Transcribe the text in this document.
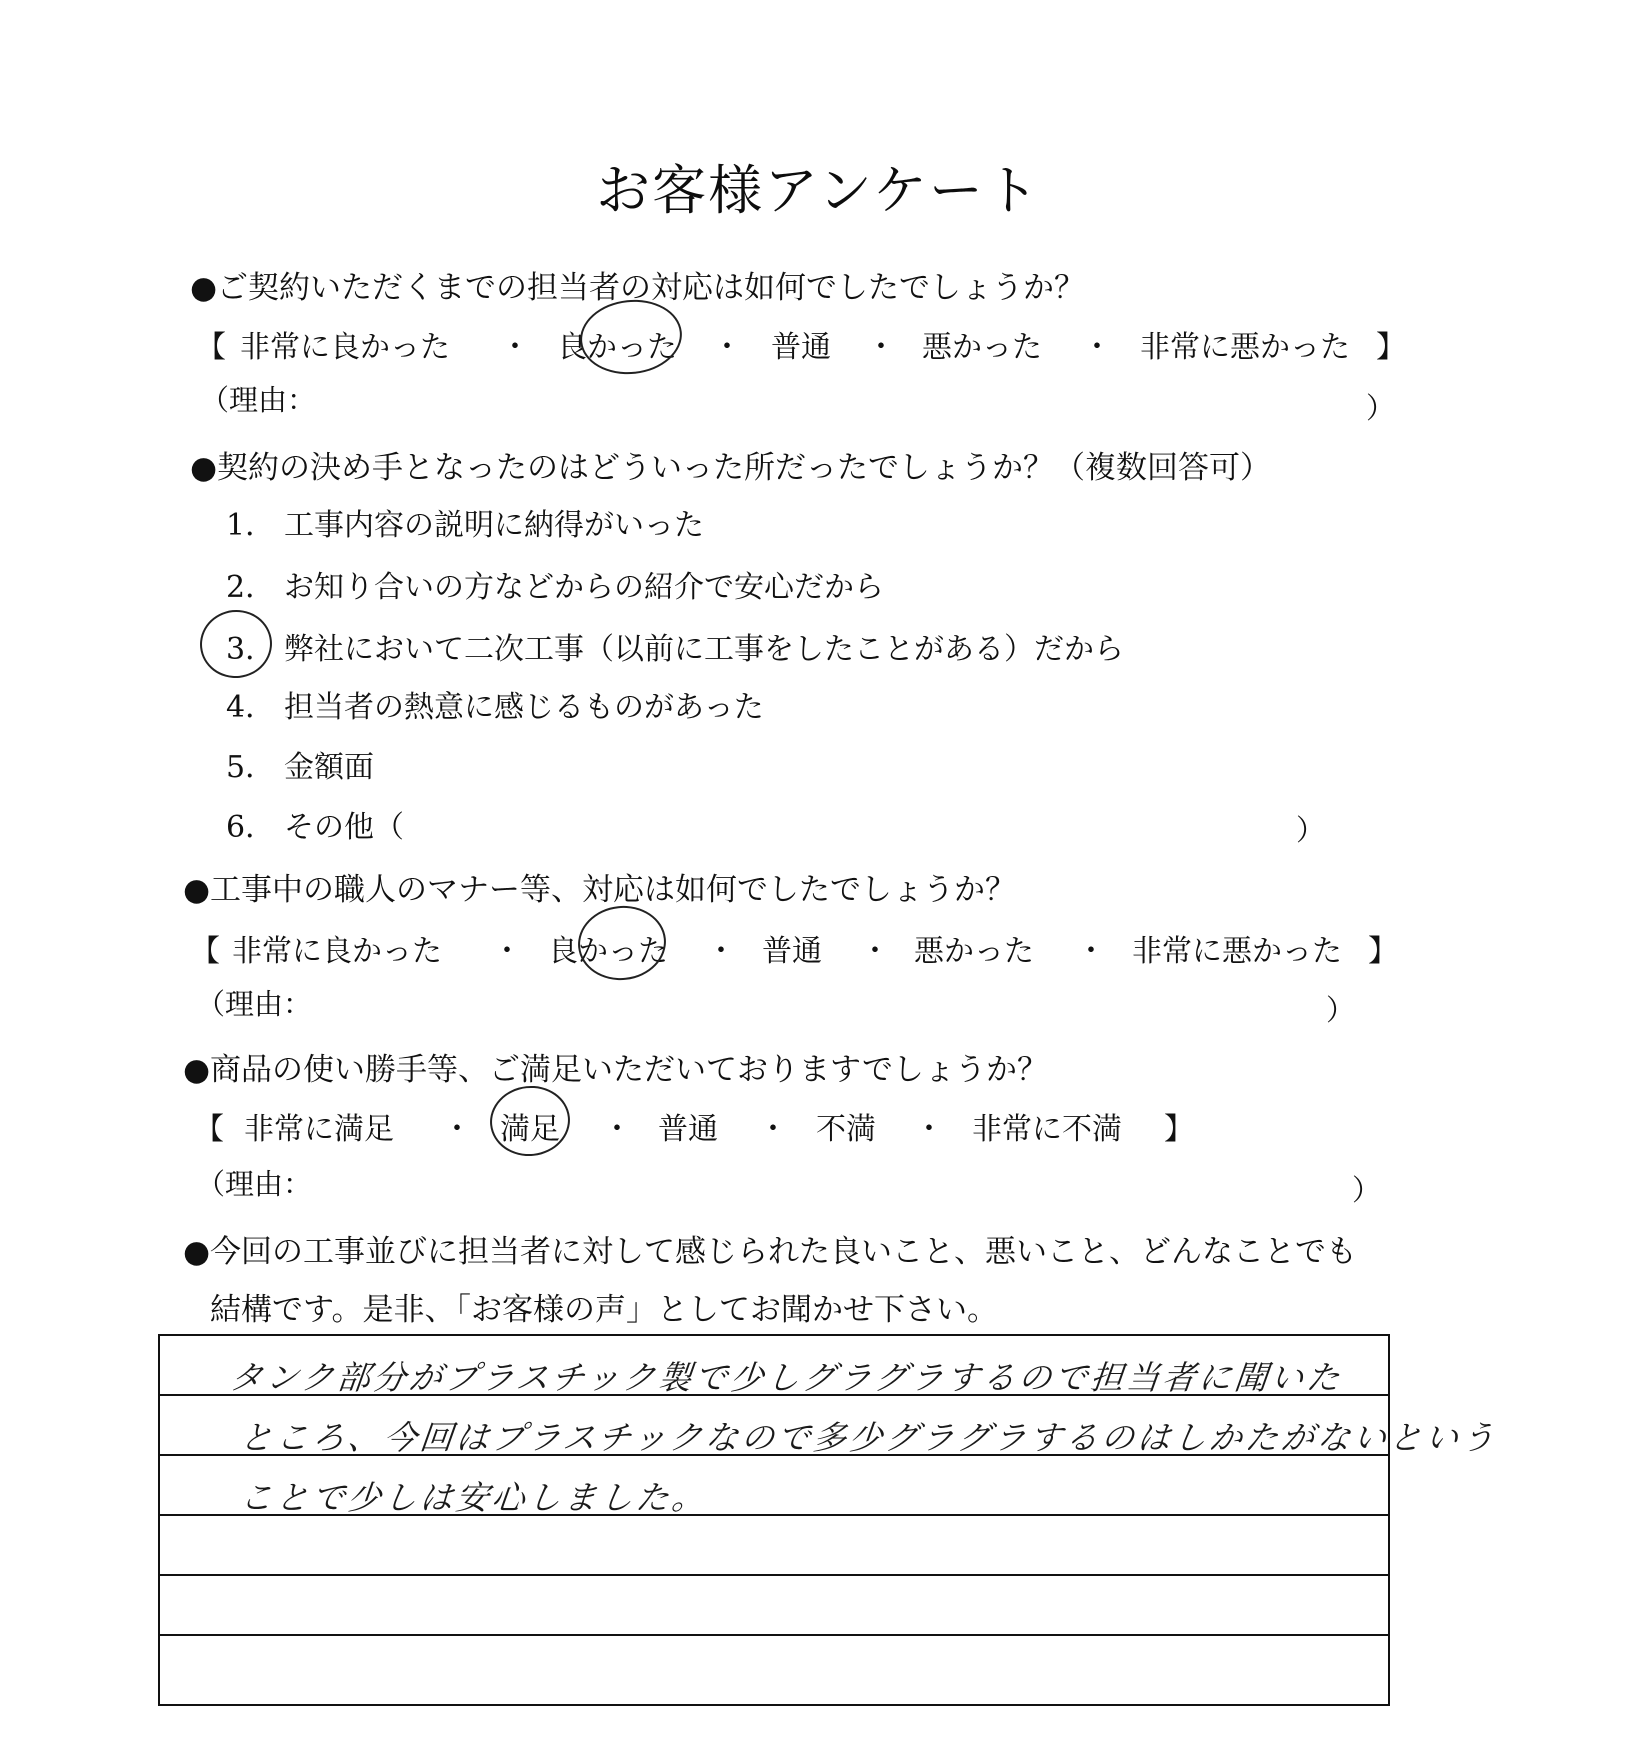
お客様アンケート
●ご契約いただくまでの担当者の対応は如何でしたでしょうか？
【 非常に良かった ・ 良かった ・ 普通 ・ 悪かった ・ 非常に悪かった 】
（理由：	）
●契約の決め手となったのはどういった所だったでしょうか？（複数回答可）
1． 工事内容の説明に納得がいった
2． お知り合いの方などからの紹介で安心だから
3． 弊社において二次工事（以前に工事をしたことがある）だから
4． 担当者の熱意に感じるものがあった
5． 金額面
6． その他（	）
●工事中の職人のマナー等、対応は如何でしたでしょうか？
【 非常に良かった ・ 良かった ・ 普通 ・ 悪かった ・ 非常に悪かった 】
（理由：	）
●商品の使い勝手等、ご満足いただいておりますでしょうか？
【 非常に満足 ・ 満足 ・ 普通 ・ 不満 ・ 非常に不満 】
（理由：	）
●今回の工事並びに担当者に対して感じられた良いこと、悪いこと、どんなことでも
結構です。是非、「お客様の声」としてお聞かせ下さい。
タンク部分がプラスチック製で少しグラグラするので担当者に聞いた
ところ、今回はプラスチックなので多少グラグラするのはしかたがないという
ことで少しは安心しました。
